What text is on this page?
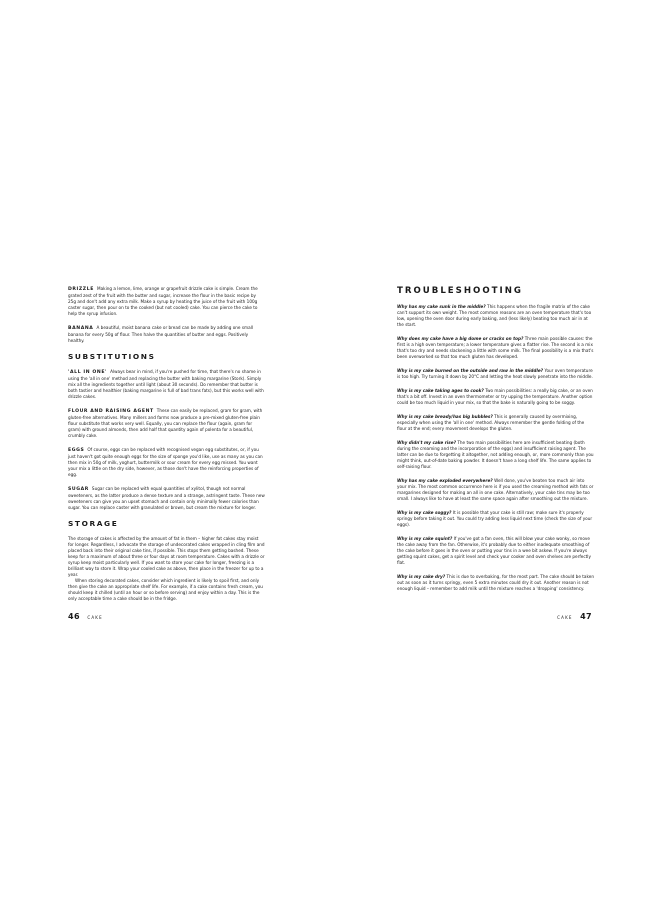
DRIZZLE Making a lemon, lime, orange or grapefruit drizzle cake is simple. Cream the grated zest of the fruit with the butter and sugar, increase the flour in the basic recipe by 25g and don't add any extra milk. Make a syrup by heating the juice of the fruit with 100g caster sugar, then pour on to the cooked (but not cooled) cake. You can pierce the cake to help the syrup infusion.

BANANA A beautiful, moist banana cake or bread can be made by adding one small banana for every 50g of flour. Then halve the quantities of butter and eggs. Positively healthy.

SUBSTITUTIONS

'ALL IN ONE' Always bear in mind, if you're pushed for time, that there's no shame in using the 'all in one' method and replacing the butter with baking margarine (Stork). Simply mix all the ingredients together until light (about 30 seconds). Do remember that butter is both tastier and healthier (baking margarine is full of bad trans fats), but this works well with drizzle cakes.

FLOUR AND RAISING AGENT These can easily be replaced, gram for gram, with gluten-free alternatives. Many millers and farms now produce a pre-mixed gluten-free plain flour substitute that works very well. Equally, you can replace the flour (again, gram for gram) with ground almonds, then add half that quantity again of polenta for a beautiful, crumbly cake.

EGGS Of course, eggs can be replaced with recognised vegan egg substitutes, or, if you just haven't got quite enough eggs for the size of sponge you'd like, use as many as you can then mix in 50g of milk, yoghurt, buttermilk or sour cream for every egg missed. You want your mix a little on the dry side, however, as those don't have the reinforcing properties of egg.

SUGAR Sugar can be replaced with equal quantities of xylitol, though not normal sweeteners, as the latter produce a dense texture and a strange, astringent taste. These new sweeteners can give you an upset stomach and contain only minimally fewer calories than sugar. You can replace caster with granulated or brown, but cream the mixture for longer.

STORAGE

The storage of cakes is affected by the amount of fat in them – higher fat cakes stay moist for longer. Regardless, I advocate the storage of undecorated cakes wrapped in cling film and placed back into their original cake tins, if possible. This stops them getting bashed. These keep for a maximum of about three or four days at room temperature. Cakes with a drizzle or syrup keep moist particularly well. If you want to store your cake for longer, freezing is a brilliant way to store it. Wrap your cooled cake as above, then place in the freezer for up to a year.

When storing decorated cakes, consider which ingredient is likely to spoil first, and only then give the cake an appropriate shelf life. For example, if a cake contains fresh cream, you should keep it chilled (until an hour or so before serving) and enjoy within a day. This is the only acceptable time a cake should be in the fridge.

46 CAKE
TROUBLESHOOTING

Why has my cake sunk in the middle? This happens when the fragile matrix of the cake can't support its own weight. The most common reasons are an oven temperature that's too low, opening the oven door during early baking, and (less likely) beating too much air in at the start.

Why does my cake have a big dome or cracks on top? Three main possible causes: the first is a high oven temperature; a lower temperature gives a flatter rise. The second is a mix that's too dry and needs slackening a little with some milk. The final possibility is a mix that's been overworked so that too much gluten has developed.

Why is my cake burned on the outside and raw in the middle? Your oven temperature is too high. Try turning it down by 20°C and letting the heat slowly penetrate into the middle.

Why is my cake taking ages to cook? Two main possibilities: a really big cake, or an oven that's a bit off. Invest in an oven thermometer or try upping the temperature. Another option could be too much liquid in your mix, so that the bake is naturally going to be soggy.

Why is my cake bready/has big bubbles? This is generally caused by overmixing, especially when using the 'all in one' method. Always remember the gentle folding of the flour at the end; every movement develops the gluten.

Why didn't my cake rise? The two main possibilities here are insufficient beating (both during the creaming and the incorporation of the eggs) and insufficient raising agent. The latter can be due to forgetting it altogether, not adding enough, or, more commonly than you might think, out-of-date baking powder. It doesn't have a long shelf life. The same applies to self-raising flour.

Why has my cake exploded everywhere? Well done, you've beaten too much air into your mix. The most common occurrence here is if you used the creaming method with fats or margarines designed for making an all in one cake. Alternatively, your cake tins may be too small. I always like to have at least the same space again after smoothing out the mixture.

Why is my cake soggy? It is possible that your cake is still raw; make sure it's properly springy before taking it out. You could try adding less liquid next time (check the size of your eggs).

Why is my cake squint? If you've got a fan oven, this will blow your cake wonky, so move the cake away from the fan. Otherwise, it's probably due to either inadequate smoothing of the cake before it goes in the oven or putting your tins in a wee bit askew. If you're always getting squint cakes, get a spirit level and check your cooker and oven shelves are perfectly flat.

Why is my cake dry? This is due to overbaking, for the most part. The cake should be taken out as soon as it turns springy, even 5 extra minutes could dry it out. Another reason is not enough liquid – remember to add milk until the mixture reaches a 'dropping' consistency.

CAKE 47
